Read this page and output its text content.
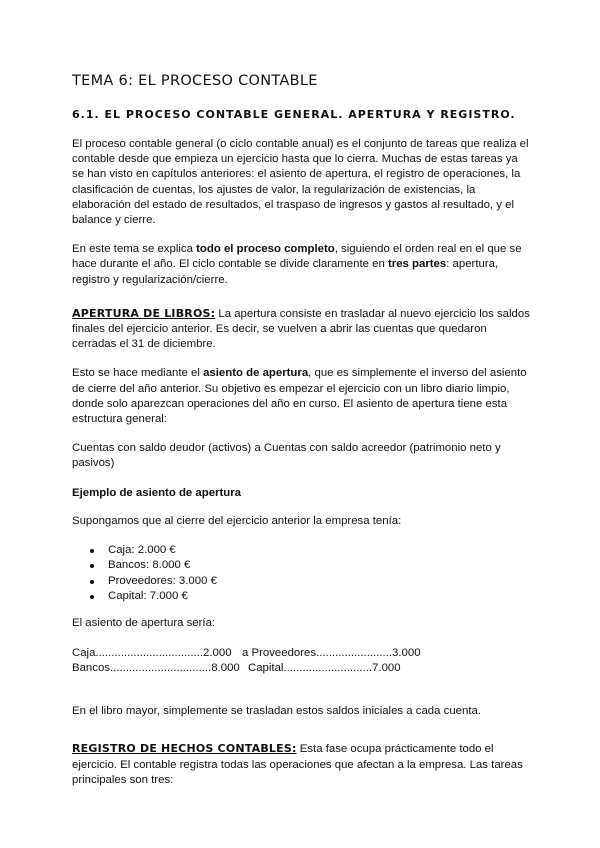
TEMA 6: EL PROCESO CONTABLE
6.1. EL PROCESO CONTABLE GENERAL. APERTURA Y REGISTRO.

El proceso contable general (o ciclo contable anual) es el conjunto de tareas que realiza el contable desde que empieza un ejercicio hasta que lo cierra. Muchas de estas tareas ya se han visto en capítulos anteriores: el asiento de apertura, el registro de operaciones, la clasificación de cuentas, los ajustes de valor, la regularización de existencias, la elaboración del estado de resultados, el traspaso de ingresos y gastos al resultado, y el balance y cierre.

En este tema se explica todo el proceso completo, siguiendo el orden real en el que se hace durante el año. El ciclo contable se divide claramente en tres partes: apertura, registro y regularización/cierre.

APERTURA DE LIBROS: La apertura consiste en trasladar al nuevo ejercicio los saldos finales del ejercicio anterior. Es decir, se vuelven a abrir las cuentas que quedaron cerradas el 31 de diciembre.

Esto se hace mediante el asiento de apertura, que es simplemente el inverso del asiento de cierre del año anterior. Su objetivo es empezar el ejercicio con un libro diario limpio, donde solo aparezcan operaciones del año en curso. El asiento de apertura tiene esta estructura general:

Cuentas con saldo deudor (activos) a Cuentas con saldo acreedor (patrimonio neto y pasivos)

Ejemplo de asiento de apertura

Supongamos que al cierre del ejercicio anterior la empresa tenía:

Caja: 2.000 €
Bancos: 8.000 €
Proveedores: 3.000 €
Capital: 7.000 €

El asiento de apertura sería:

Caja..................................2.000 a Proveedores........................3.000
Bancos................................8.000 Capital............................7.000

En el libro mayor, simplemente se trasladan estos saldos iniciales a cada cuenta.

REGISTRO DE HECHOS CONTABLES: Esta fase ocupa prácticamente todo el ejercicio. El contable registra todas las operaciones que afectan a la empresa. Las tareas principales son tres:
